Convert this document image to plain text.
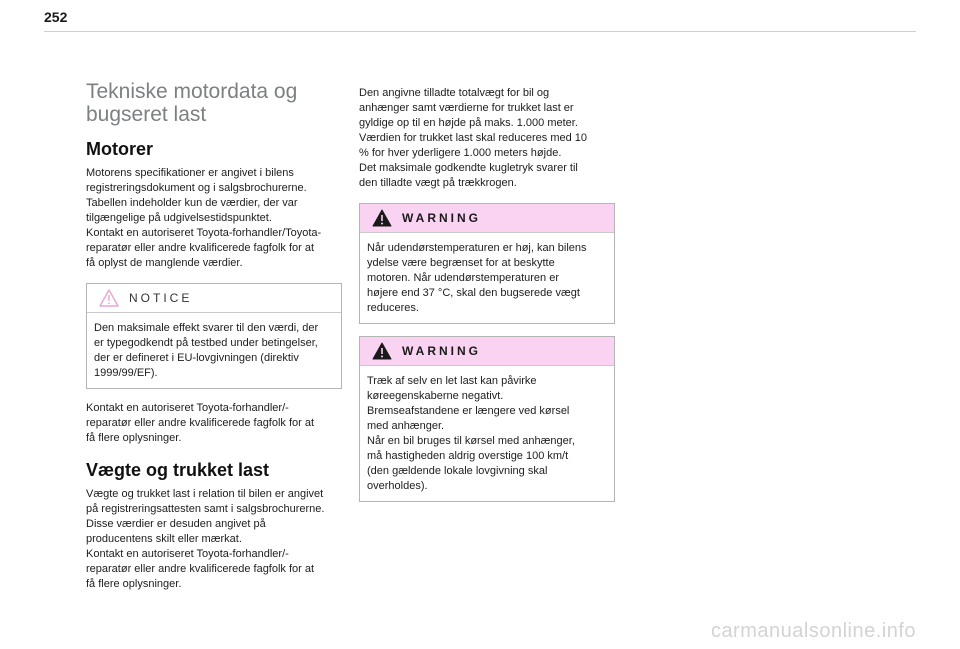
252
Tekniske motordata og
bugseret last
Motorer

Motorens specifikationer er angivet i bilens
registreringsdokument og i salgsbrochurerne.
Tabellen indeholder kun de værdier, der var
tilgængelige på udgivelsestidspunktet.
Kontakt en autoriseret Toyota-forhandler/Toyota-
reparatør eller andre kvalificerede fagfolk for at
få oplyst de manglende værdier.

NOTICE

Den maksimale effekt svarer til den værdi, der
er typegodkendt på testbed under betingelser,
der er defineret i EU-lovgivningen (direktiv
1999/99/EF).

Kontakt en autoriseret Toyota-forhandler/-
reparatør eller andre kvalificerede fagfolk for at
få flere oplysninger.

Vægte og trukket last

Vægte og trukket last i relation til bilen er angivet
på registreringsattesten samt i salgsbrochurerne.
Disse værdier er desuden angivet på
producentens skilt eller mærkat.
Kontakt en autoriseret Toyota-forhandler/-
reparatør eller andre kvalificerede fagfolk for at
få flere oplysninger.

Den angivne tilladte totalvægt for bil og
anhænger samt værdierne for trukket last er
gyldige op til en højde på maks. 1.000 meter.
Værdien for trukket last skal reduceres med 10
% for hver yderligere 1.000 meters højde.
Det maksimale godkendte kugletryk svarer til
den tilladte vægt på trækkrogen.

WARNING

Når udendørstemperaturen er høj, kan bilens
ydelse være begrænset for at beskytte
motoren. Når udendørstemperaturen er
højere end 37 °C, skal den bugserede vægt
reduceres.

WARNING

Træk af selv en let last kan påvirke
køreegenskaberne negativt.
Bremseafstandene er længere ved kørsel
med anhænger.
Når en bil bruges til kørsel med anhænger,
må hastigheden aldrig overstige 100 km/t
(den gældende lokale lovgivning skal
overholdes).

carmanualsonline.info
